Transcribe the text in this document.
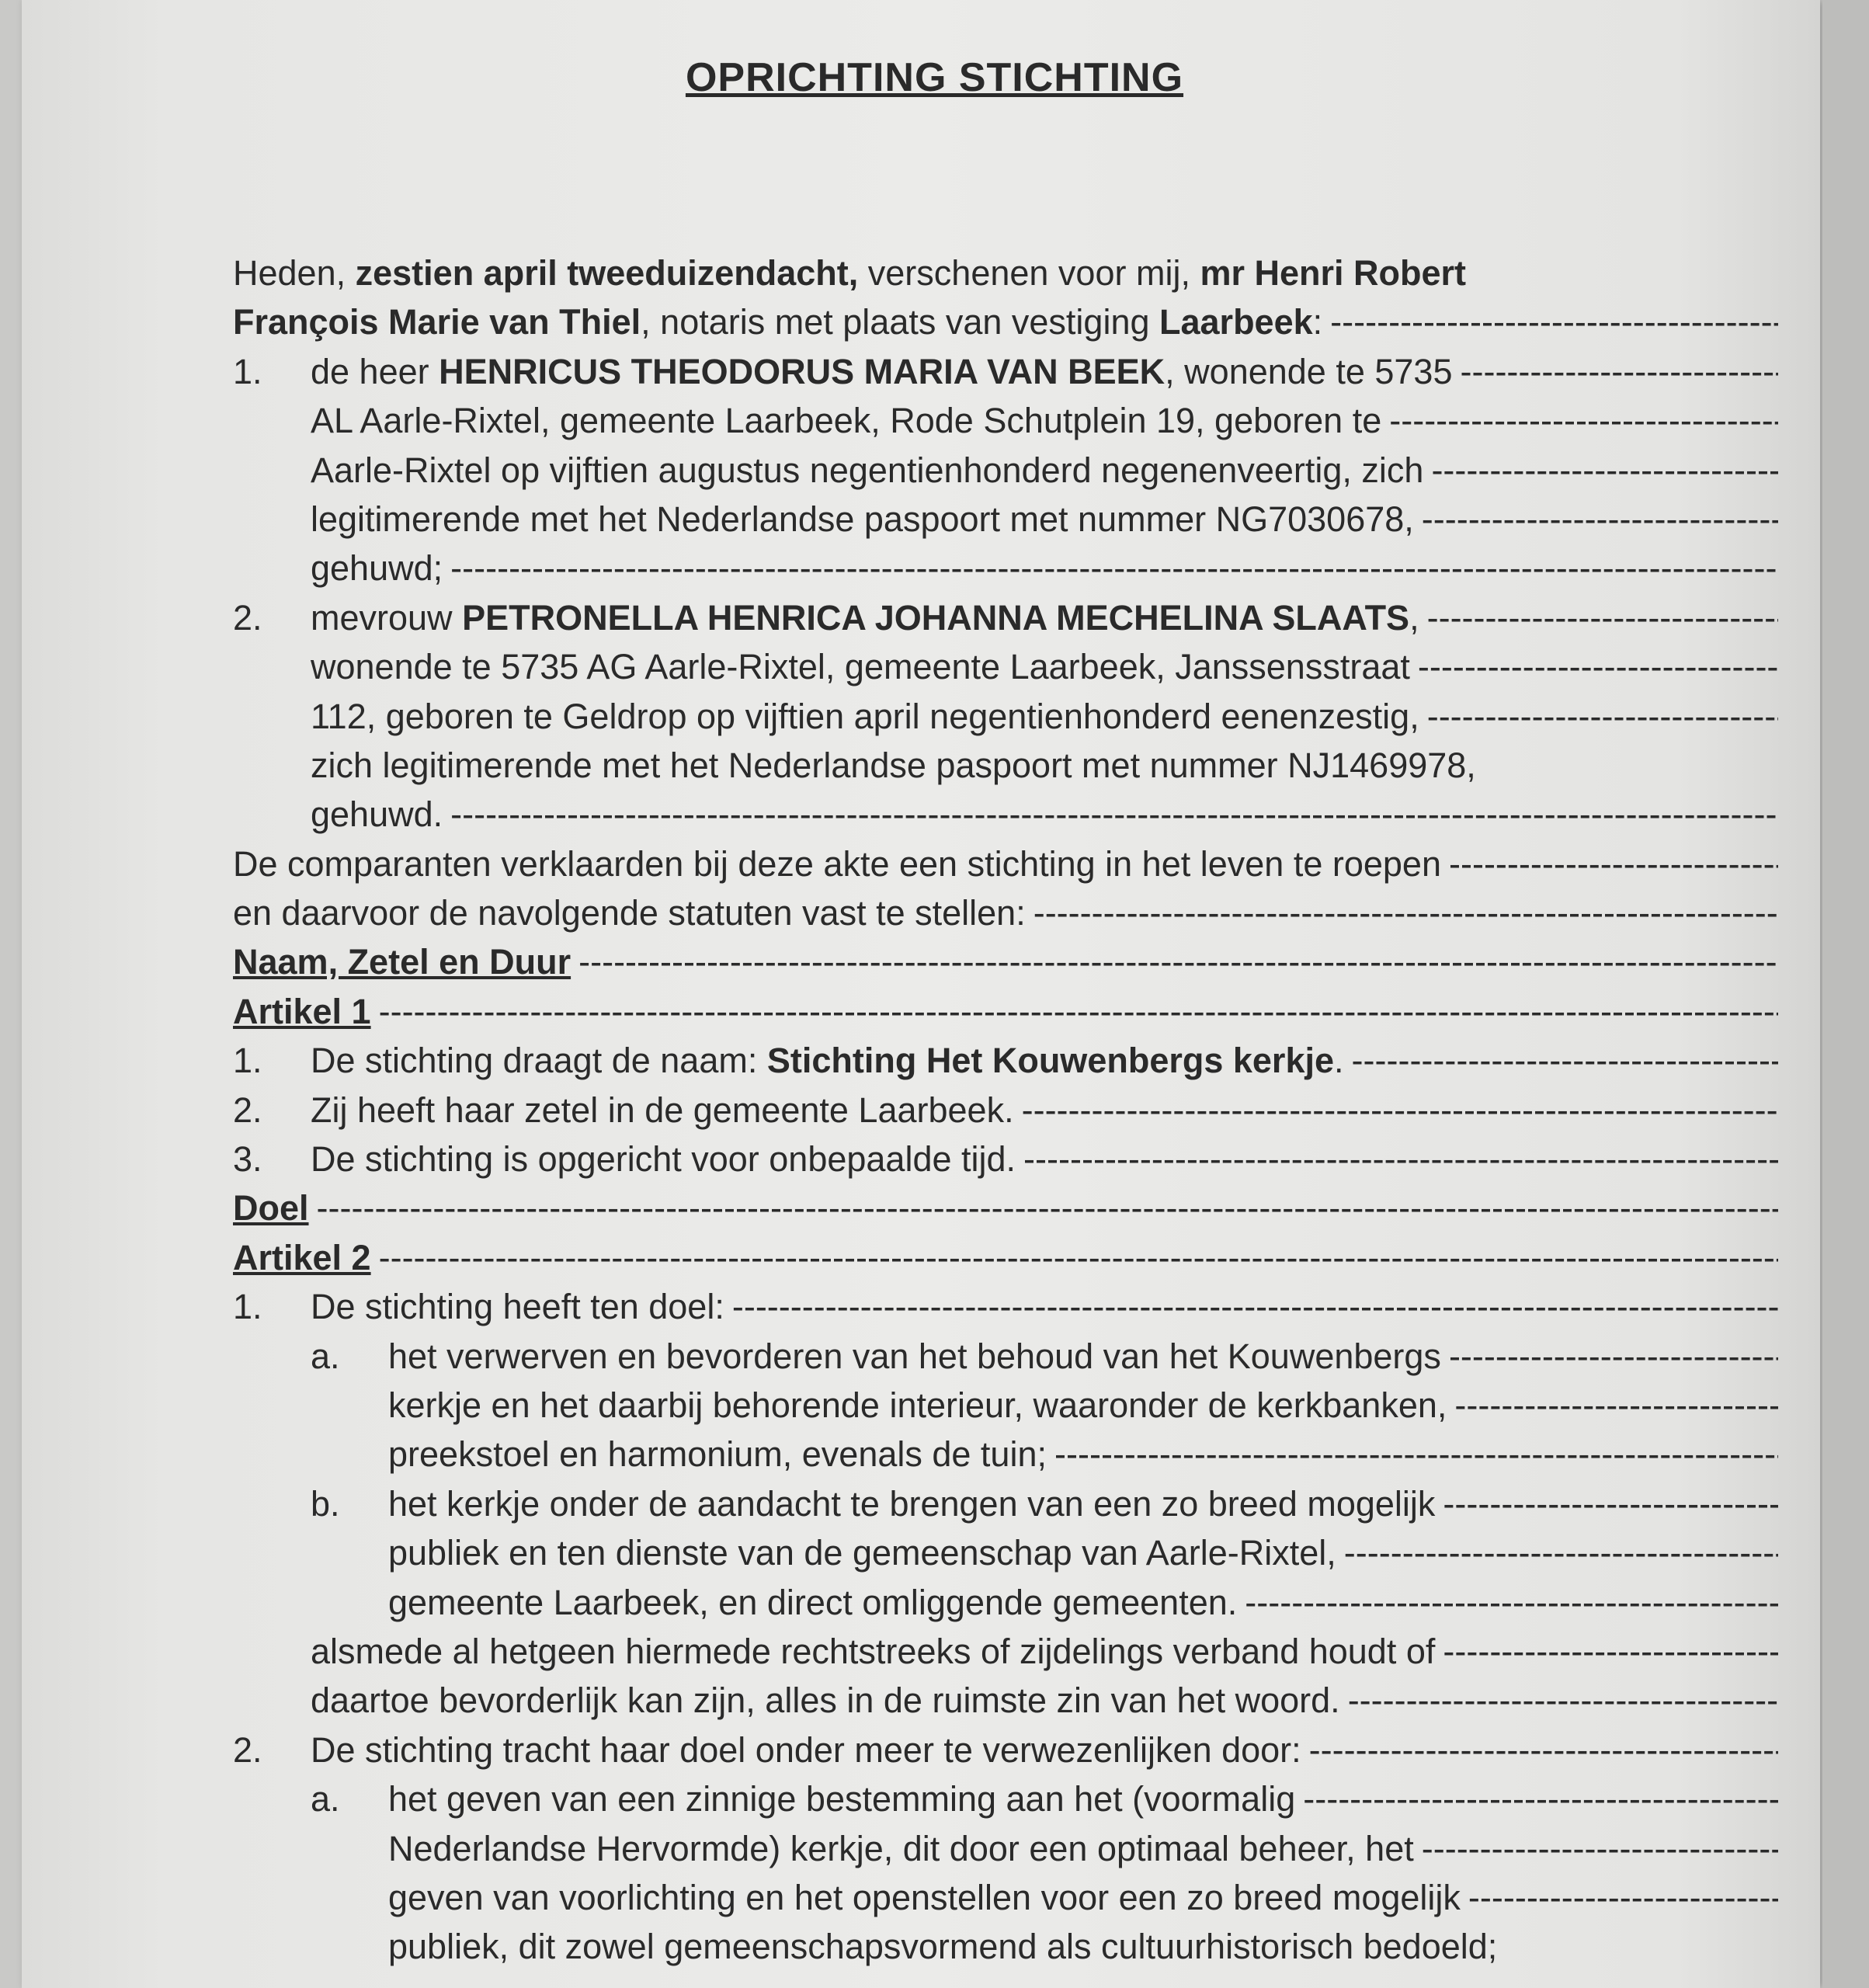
OPRICHTING STICHTING
Heden, zestien april tweeduizendacht, verschenen voor mij, mr Henri Robert
François Marie van Thiel, notaris met plaats van vestiging Laarbeek:
-----
1. de heer HENRICUS THEODORUS MARIA VAN BEEK, wonende te 5735
-----
AL Aarle-Rixtel, gemeente Laarbeek, Rode Schutplein 19, geboren te
-----
Aarle-Rixtel op vijftien augustus negentienhonderd negenenveertig, zich
-----
legitimerende met het Nederlandse paspoort met nummer NG7030678,
-----
gehuwd;
-----
2. mevrouw PETRONELLA HENRICA JOHANNA MECHELINA SLAATS,
-----
wonende te 5735 AG Aarle-Rixtel, gemeente Laarbeek, Janssensstraat
-----
112, geboren te Geldrop op vijftien april negentienhonderd eenenzestig,
-----
zich legitimerende met het Nederlandse paspoort met nummer NJ1469978,
gehuwd.
-----
De comparanten verklaarden bij deze akte een stichting in het leven te roepen
-----
en daarvoor de navolgende statuten vast te stellen:
-----
Naam, Zetel en Duur
-----
Artikel 1
-----
1. De stichting draagt de naam: Stichting Het Kouwenbergs kerkje.
-----
2. Zij heeft haar zetel in de gemeente Laarbeek.
-----
3. De stichting is opgericht voor onbepaalde tijd.
-----
Doel
-----
Artikel 2
-----
1. De stichting heeft ten doel:
-----
a. het verwerven en bevorderen van het behoud van het Kouwenbergs
-----
kerkje en het daarbij behorende interieur, waaronder de kerkbanken,
-----
preekstoel en harmonium, evenals de tuin;
-----
b. het kerkje onder de aandacht te brengen van een zo breed mogelijk
-----
publiek en ten dienste van de gemeenschap van Aarle-Rixtel,
-----
gemeente Laarbeek, en direct omliggende gemeenten.
-----
alsmede al hetgeen hiermede rechtstreeks of zijdelings verband houdt of
-----
daartoe bevorderlijk kan zijn, alles in de ruimste zin van het woord.
-----
2. De stichting tracht haar doel onder meer te verwezenlijken door:
-----
a. het geven van een zinnige bestemming aan het (voormalig
-----
Nederlandse Hervormde) kerkje, dit door een optimaal beheer, het
-----
geven van voorlichting en het openstellen voor een zo breed mogelijk
-----
publiek, dit zowel gemeenschapsvormend als cultuurhistorisch bedoeld;
